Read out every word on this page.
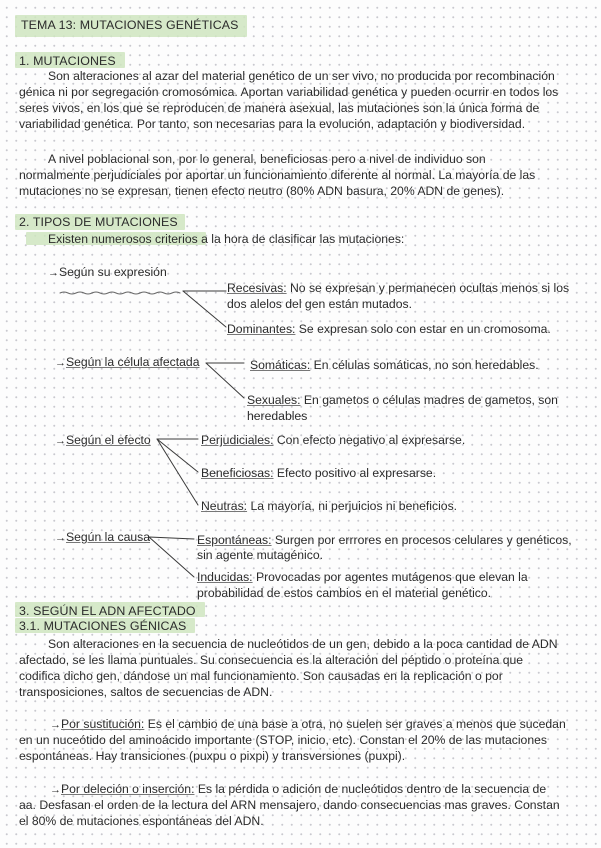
TEMA 13: MUTACIONES GENÉTICAS
1. MUTACIONES
Son alteraciones al azar del material genético de un ser vivo, no producida por recombinación
génica ni por segregación cromosómica. Aportan variabilidad genética y pueden ocurrir en todos los
seres vivos, en los que se reproducen de manera asexual, las mutaciones son la única forma de
variabilidad genética. Por tanto, son necesarias para la evolución, adaptación y biodiversidad.
A nivel poblacional son, por lo general, beneficiosas pero a nivel de individuo son
normalmente perjudiciales por aportar un funcionamiento diferente al normal. La mayoría de las
mutaciones no se expresan, tienen efecto neutro (80% ADN basura, 20% ADN de genes).
2. TIPOS DE MUTACIONES
Existen numerosos criterios a la hora de clasificar las mutaciones:
→Según su expresión
Recesivas: No se expresan y permanecen ocultas menos si los
dos alelos del gen están mutados.
Dominantes: Se expresan solo con estar en un cromosoma.
→Según la célula afectada	Somáticas: En células somáticas, no son heredables.
Sexuales: En gametos o células madres de gametos, son
heredables
→Según el efecto	Perjudiciales: Con efecto negativo al expresarse.
Beneficiosas: Efecto positivo al expresarse.
Neutras: La mayoría, ni perjuicios ni beneficios.
→Según la causa	Espontáneas: Surgen por errrores en procesos celulares y genéticos,
sin agente mutagénico.
Inducidas: Provocadas por agentes mutágenos que elevan la
probabilidad de estos cambios en el material genético.
3. SEGÚN EL ADN AFECTADO
3.1. MUTACIONES GÉNICAS
Son alteraciones en la secuencia de nucleótidos de un gen, debido a la poca cantidad de ADN
afectado, se les llama puntuales. Su consecuencia es la alteración del péptido o proteína que
codifica dicho gen, dándose un mal funcionamiento. Son causadas en la replicación o por
transposiciones, saltos de secuencias de ADN.
→Por sustitución: Es el cambio de una base a otra, no suelen ser graves a menos que sucedan
en un nuceótido del aminoácido importante (STOP, inicio, etc). Constan el 20% de las mutaciones
espontáneas. Hay transiciones (puxpu o pixpi) y transversiones (puxpi).
→Por deleción o inserción: Es la pérdida o adición de nucleótidos dentro de la secuencia de
aa. Desfasan el orden de la lectura del ARN mensajero, dando consecuencias mas graves. Constan
el 80% de mutaciones espontáneas del ADN.
